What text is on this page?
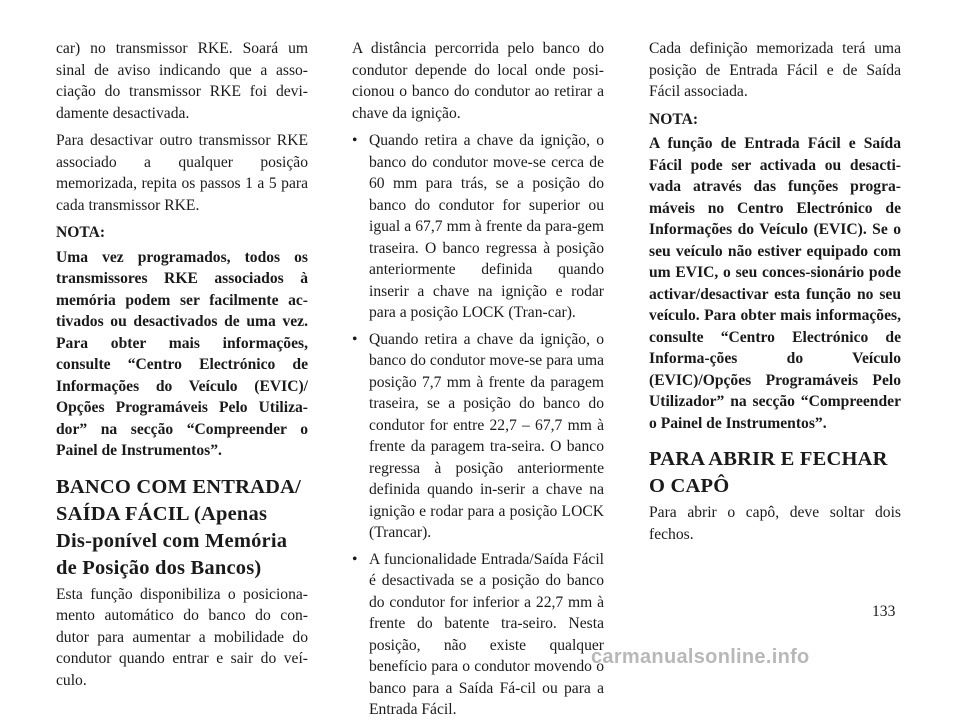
car) no transmissor RKE. Soará um sinal de aviso indicando que a asso-ciação do transmissor RKE foi devi-damente desactivada.

Para desactivar outro transmissor RKE associado a qualquer posição memorizada, repita os passos 1 a 5 para cada transmissor RKE.

NOTA:

Uma vez programados, todos os transmissores RKE associados à memória podem ser facilmente ac-tivados ou desactivados de uma vez. Para obter mais informações, consulte “Centro Electrónico de Informações do Veículo (EVIC)/ Opções Programáveis Pelo Utiliza-dor” na secção “Compreender o Painel de Instrumentos”.

BANCO COM ENTRADA/ SAÍDA FÁCIL (Apenas Dis-ponível com Memória de Posição dos Bancos)

Esta função disponibiliza o posiciona-mento automático do banco do con-dutor para aumentar a mobilidade do condutor quando entrar e sair do veí-culo.

A distância percorrida pelo banco do condutor depende do local onde posi-cionou o banco do condutor ao retirar a chave da ignição.

• Quando retira a chave da ignição, o banco do condutor move-se cerca de 60 mm para trás, se a posição do banco do condutor for superior ou igual a 67,7 mm à frente da para-gem traseira. O banco regressa à posição anteriormente definida quando inserir a chave na ignição e rodar para a posição LOCK (Tran-car).
• Quando retira a chave da ignição, o banco do condutor move-se para uma posição 7,7 mm à frente da paragem traseira, se a posição do banco do condutor for entre 22,7 – 67,7 mm à frente da paragem tra-seira. O banco regressa à posição anteriormente definida quando in-serir a chave na ignição e rodar para a posição LOCK (Trancar).
• A funcionalidade Entrada/Saída Fácil é desactivada se a posição do banco do condutor for inferior a 22,7 mm à frente do batente tra-seiro. Nesta posição, não existe qualquer benefício para o condutor movendo o banco para a Saída Fá-cil ou para a Entrada Fácil.

Cada definição memorizada terá uma posição de Entrada Fácil e de Saída Fácil associada.

NOTA:

A função de Entrada Fácil e Saída Fácil pode ser activada ou desacti-vada através das funções progra-máveis no Centro Electrónico de Informações do Veículo (EVIC). Se o seu veículo não estiver equipado com um EVIC, o seu conces-sionário pode activar/desactivar esta função no seu veículo. Para obter mais informações, consulte “Centro Electrónico de Informa-ções do Veículo (EVIC)/Opções Programáveis Pelo Utilizador” na secção “Compreender o Painel de Instrumentos”.

PARA ABRIR E FECHAR O CAPÔ

Para abrir o capô, deve soltar dois fechos.

133
carmanualsonline.info
